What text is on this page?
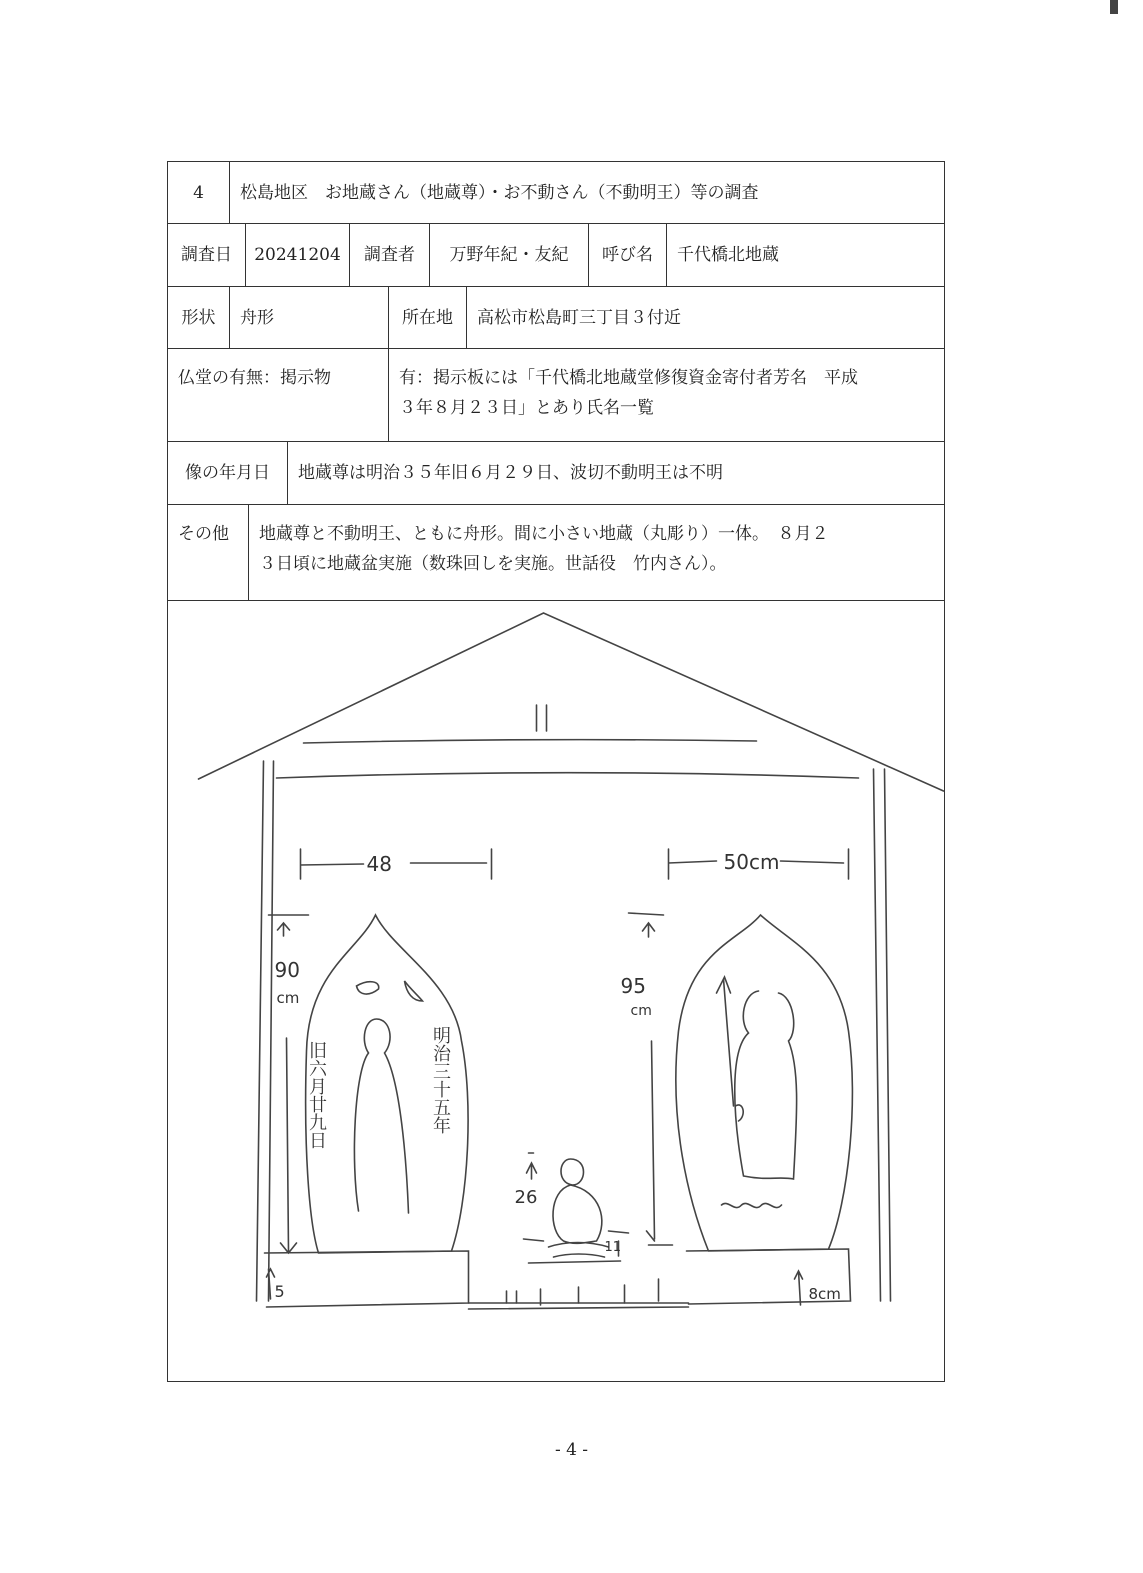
4	松島地区　お地蔵さん（地蔵尊）・お不動さん（不動明王）等の調査
調査日	20241204	調査者	万野年紀・友紀	呼び名	千代橋北地蔵
形状	舟形	所在地	高松市松島町三丁目３付近
仏堂の有無：掲示物	有：掲示板には「千代橋北地蔵堂修復資金寄付者芳名　平成
３年８月２３日」とあり氏名一覧
像の年月日	地蔵尊は明治３５年旧６月２９日、波切不動明王は不明
その他	地蔵尊と不動明王、ともに舟形。間に小さい地蔵（丸彫り）一体。　８月２
３日頃に地蔵盆実施（数珠回しを実施。世話役　竹内さん）。
48	50cm
90
cm	95
cm
26
11
5	8cm
旧六月廿九日	明治三十五年
- 4 -
